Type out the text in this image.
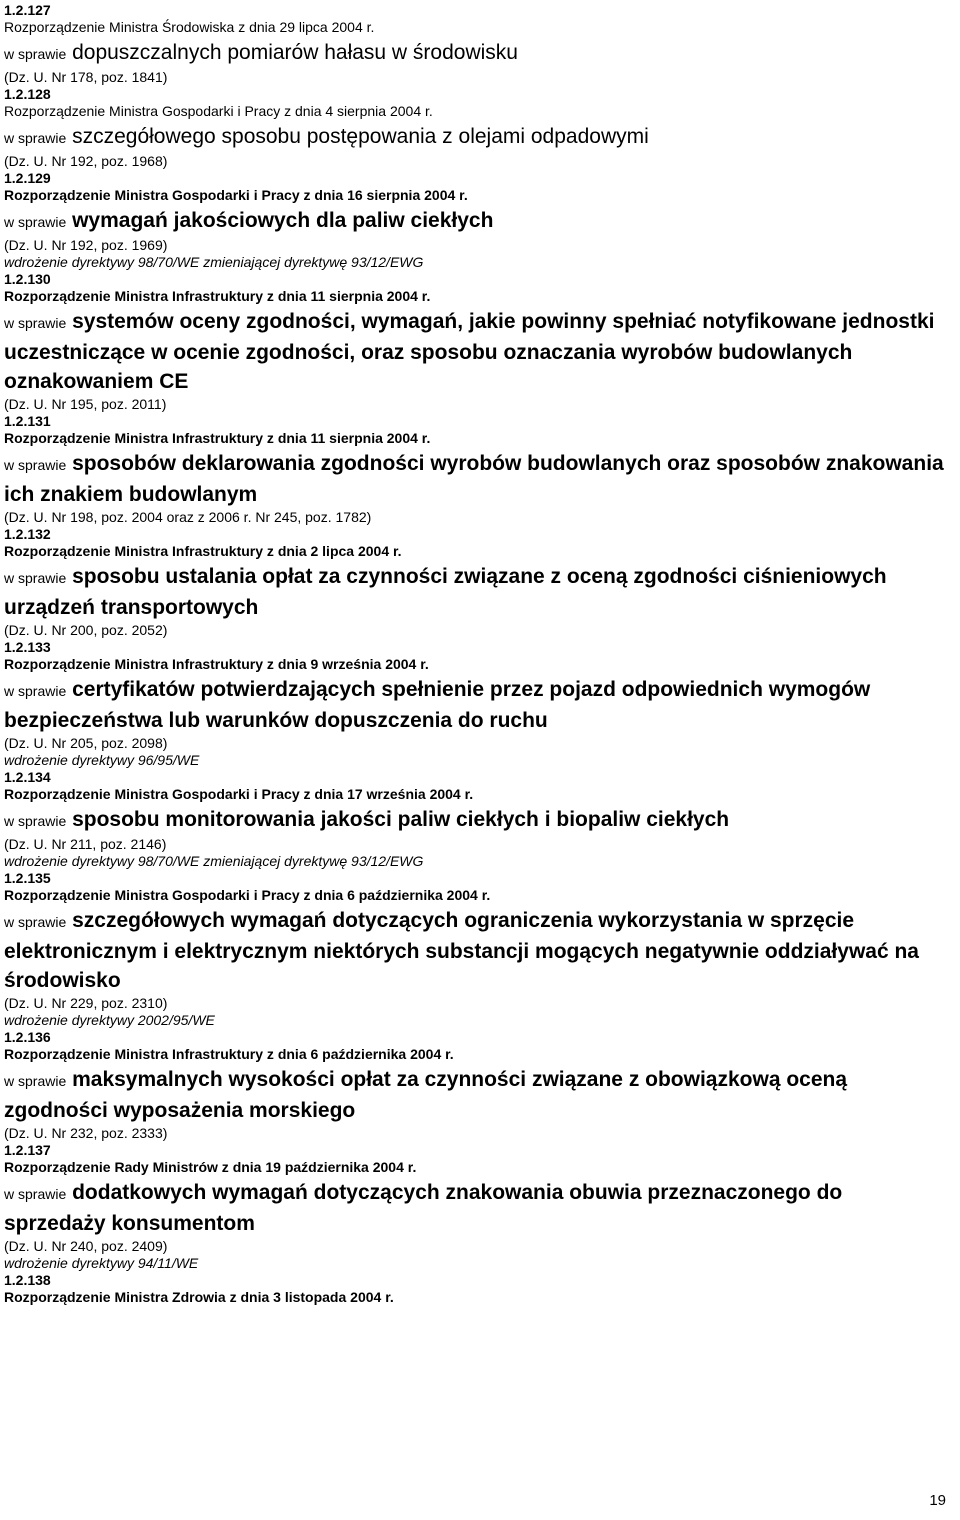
1.2.127
Rozporządzenie Ministra Środowiska z dnia 29 lipca 2004 r.
w sprawie dopuszczalnych pomiarów hałasu w środowisku
(Dz. U. Nr 178, poz. 1841)
1.2.128
Rozporządzenie Ministra Gospodarki i Pracy z dnia 4 sierpnia 2004 r.
w sprawie szczegółowego sposobu postępowania z olejami odpadowymi
(Dz. U. Nr 192, poz. 1968)
1.2.129
Rozporządzenie Ministra Gospodarki i Pracy z dnia 16 sierpnia 2004 r.
w sprawie wymagań jakościowych dla paliw ciekłych
(Dz. U. Nr 192, poz. 1969)
wdrożenie dyrektywy 98/70/WE zmieniającej dyrektywę 93/12/EWG
1.2.130
Rozporządzenie Ministra Infrastruktury z dnia 11 sierpnia 2004 r.
w sprawie systemów oceny zgodności, wymagań, jakie powinny spełniać notyfikowane jednostki uczestniczące w ocenie zgodności, oraz sposobu oznaczania wyrobów budowlanych oznakowaniem CE
(Dz. U. Nr 195, poz. 2011)
1.2.131
Rozporządzenie Ministra Infrastruktury z dnia 11 sierpnia 2004 r.
w sprawie sposobów deklarowania zgodności wyrobów budowlanych oraz sposobów znakowania ich znakiem budowlanym
(Dz. U. Nr 198, poz. 2004 oraz z 2006 r. Nr 245, poz. 1782)
1.2.132
Rozporządzenie Ministra Infrastruktury z dnia 2 lipca 2004 r.
w sprawie sposobu ustalania opłat za czynności związane z oceną zgodności ciśnieniowych urządzeń transportowych
(Dz. U. Nr 200, poz. 2052)
1.2.133
Rozporządzenie Ministra Infrastruktury z dnia 9 września 2004 r.
w sprawie certyfikatów potwierdzających spełnienie przez pojazd odpowiednich wymogów bezpieczeństwa lub warunków dopuszczenia do ruchu
(Dz. U. Nr 205, poz. 2098)
wdrożenie dyrektywy 96/95/WE
1.2.134
Rozporządzenie Ministra Gospodarki i Pracy z dnia 17 września 2004 r.
w sprawie sposobu monitorowania jakości paliw ciekłych i biopaliw ciekłych
(Dz. U. Nr 211, poz. 2146)
wdrożenie dyrektywy 98/70/WE zmieniającej dyrektywę 93/12/EWG
1.2.135
Rozporządzenie Ministra Gospodarki i Pracy z dnia 6 października 2004 r.
w sprawie szczegółowych wymagań dotyczących ograniczenia wykorzystania w sprzęcie elektronicznym i elektrycznym niektórych substancji mogących negatywnie oddziaływać na środowisko
(Dz. U. Nr 229, poz. 2310)
wdrożenie dyrektywy 2002/95/WE
1.2.136
Rozporządzenie Ministra Infrastruktury z dnia 6 października 2004 r.
w sprawie maksymalnych wysokości opłat za czynności związane z obowiązkową oceną zgodności wyposażenia morskiego
(Dz. U. Nr 232, poz. 2333)
1.2.137
Rozporządzenie Rady Ministrów z dnia 19 października 2004 r.
w sprawie dodatkowych wymagań dotyczących znakowania obuwia przeznaczonego do sprzedaży konsumentom
(Dz. U. Nr 240, poz. 2409)
wdrożenie dyrektywy 94/11/WE
1.2.138
Rozporządzenie Ministra Zdrowia z dnia 3 listopada 2004 r.
19
